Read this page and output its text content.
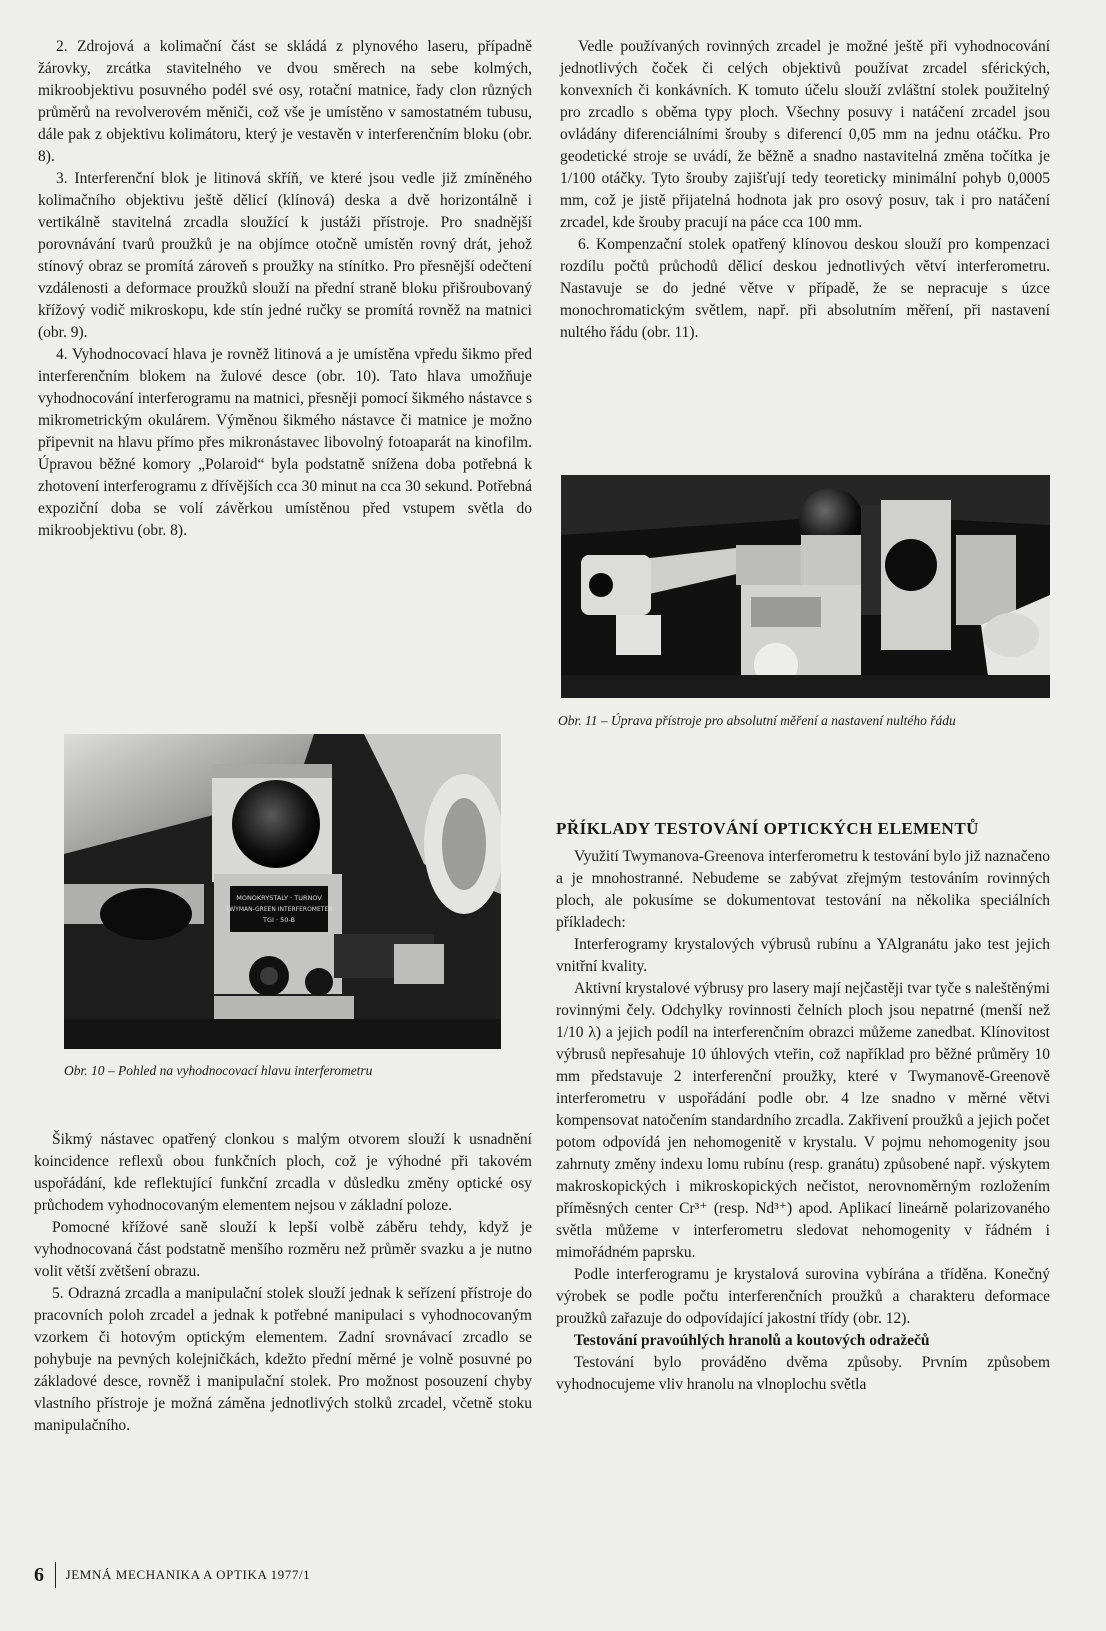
2. Zdrojová a kolimační část se skládá z plynového laseru, případně žárovky, zrcátka stavitelného ve dvou směrech na sebe kolmých, mikroobjektivu posuvného podél své osy, rotační matnice, řady clon různých průměrů na revolverovém měniči, což vše je umístěno v samostatném tubusu, dále pak z objektivu kolimátoru, který je vestavěn v interferenčním bloku (obr. 8).

3. Interferenční blok je litinová skříň, ve které jsou vedle již zmíněného kolimačního objektivu ještě dělicí (klínová) deska a dvě horizontálně i vertikálně stavitelná zrcadla sloužící k justáži přístroje. Pro snadnější porovnávání tvarů proužků je na objímce otočně umístěn rovný drát, jehož stínový obraz se promítá zároveň s proužky na stínítko. Pro přesnější odečtení vzdálenosti a deformace proužků slouží na přední straně bloku přišroubovaný křížový vodič mikroskopu, kde stín jedné ručky se promítá rovněž na matnici (obr. 9).

4. Vyhodnocovací hlava je rovněž litinová a je umístěna vpředu šikmo před interferenčním blokem na žulové desce (obr. 10). Tato hlava umožňuje vyhodnocování interferogramu na matnici, přesněji pomocí šikmého nástavce s mikrometrickým okulárem. Výměnou šikmého nástavce či matnice je možno připevnit na hlavu přímo přes mikronástavec libovolný fotoaparát na kinofilm. Úpravou běžné komory „Polaroid“ byla podstatně snížena doba potřebná k zhotovení interferogramu z dřívějších cca 30 minut na cca 30 sekund. Potřebná expoziční doba se volí závěrkou umístěnou před vstupem světla do mikroobjektivu (obr. 8).

MONOKRYSTALY · TURNOV
TWYMAN-GREEN INTERFEROMETER
TGI · 50-B
Obr. 10 – Pohled na vyhodnocovací hlavu interferometru

Šikmý nástavec opatřený clonkou s malým otvorem slouží k usnadnění koincidence reflexů obou funkčních ploch, což je výhodné při takovém uspořádání, kde reflektující funkční zrcadla v důsledku změny optické osy průchodem vyhodnocovaným elementem nejsou v základní poloze.

Pomocné křížové saně slouží k lepší volbě záběru tehdy, když je vyhodnocovaná část podstatně menšího rozměru než průměr svazku a je nutno volit větší zvětšení obrazu.

5. Odrazná zrcadla a manipulační stolek slouží jednak k seřízení přístroje do pracovních poloh zrcadel a jednak k potřebné manipulaci s vyhodnocovaným vzorkem či hotovým optickým elementem. Zadní srovnávací zrcadlo se pohybuje na pevných kolejničkách, kdežto přední měrné je volně posuvné po základové desce, rovněž i manipulační stolek. Pro možnost posouzení chyby vlastního přístroje je možná záměna jednotlivých stolků zrcadel, včetně stoku manipulačního.

Vedle používaných rovinných zrcadel je možné ještě při vyhodnocování jednotlivých čoček či celých objektivů používat zrcadel sférických, konvexních či konkávních. K tomuto účelu slouží zvláštní stolek použitelný pro zrcadlo s oběma typy ploch. Všechny posuvy i natáčení zrcadel jsou ovládány diferenciálními šrouby s diferencí 0,05 mm na jednu otáčku. Pro geodetické stroje se uvádí, že běžně a snadno nastavitelná změna točítka je 1/100 otáčky. Tyto šrouby zajišťují tedy teoreticky minimální pohyb 0,0005 mm, což je jistě přijatelná hodnota jak pro osový posuv, tak i pro natáčení zrcadel, kde šrouby pracují na páce cca 100 mm.

6. Kompenzační stolek opatřený klínovou deskou slouží pro kompenzaci rozdílu počtů průchodů dělicí deskou jednotlivých větví interferometru. Nastavuje se do jedné větve v případě, že se nepracuje s úzce monochromatickým světlem, např. při absolutním měření, při nastavení nultého řádu (obr. 11).

Obr. 11 – Úprava přístroje pro absolutní měření a nastavení nultého řádu
PŘÍKLADY TESTOVÁNÍ OPTICKÝCH ELEMENTŮ

Využití Twymanova-Greenova interferometru k testování bylo již naznačeno a je mnohostranné. Nebudeme se zabývat zřejmým testováním rovinných ploch, ale pokusíme se dokumentovat testování na několika speciálních příkladech:

Interferogramy krystalových výbrusů rubínu a YAlgranátu jako test jejich vnitřní kvality.

Aktivní krystalové výbrusy pro lasery mají nejčastěji tvar tyče s naleštěnými rovinnými čely. Odchylky rovinnosti čelních ploch jsou nepatrné (menší než 1/10 λ) a jejich podíl na interferenčním obrazci můžeme zanedbat. Klínovitost výbrusů nepřesahuje 10 úhlových vteřin, což například pro běžné průměry 10 mm představuje 2 interferenční proužky, které v Twymanově-Greenově interferometru v uspořádání podle obr. 4 lze snadno v měrné větvi kompensovat natočením standardního zrcadla. Zakřivení proužků a jejich počet potom odpovídá jen nehomogenitě v krystalu. V pojmu nehomogenity jsou zahrnuty změny indexu lomu rubínu (resp. granátu) způsobené např. výskytem makroskopických i mikroskopických nečistot, nerovnoměrným rozložením příměsných center Cr³⁺ (resp. Nd³⁺) apod. Aplikací lineárně polarizovaného světla můžeme v interferometru sledovat nehomogenity v řádném i mimořádném paprsku.

Podle interferogramu je krystalová surovina vybírána a tříděna. Konečný výrobek se podle počtu interferenčních proužků a charakteru deformace proužků zařazuje do odpovídající jakostní třídy (obr. 12).

Testování pravoúhlých hranolů a koutových odražečů

Testování bylo prováděno dvěma způsoby. Prvním způsobem vyhodnocujeme vliv hranolu na vlnoplochu světla

6 JEMNÁ MECHANIKA A OPTIKA 1977/1
